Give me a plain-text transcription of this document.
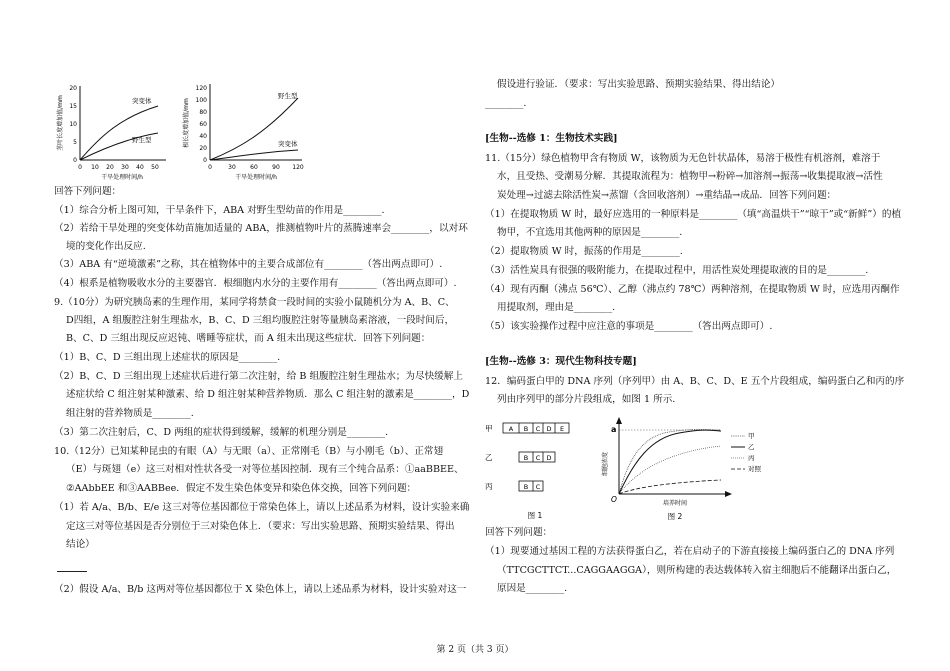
茎叶长度增加值/mm
0
5
10
15
20
0 10 20 30 40 50
干旱处理时间/h
突变体
野生型	根长度增加值/mm
0
20
40
60
80
100
120
0	30 60 90 120
干旱处理时间/h
野生型
突变体
回答下列问题：
（1）综合分析上图可知，干旱条件下，ABA 对野生型幼苗的作用是________.
（2）若给干旱处理的突变体幼苗施加适量的 ABA，推测植物叶片的蒸腾速率会________，以对环
境的变化作出反应.
（3）ABA 有“逆境激素”之称，其在植物体中的主要合成部位有________（答出两点即可）.
（4）根系是植物吸收水分的主要器官．根细胞内水分的主要作用有________（答出两点即可）.
9.（10分）为研究胰岛素的生理作用，某同学将禁食一段时间的实验小鼠随机分为 A、B、C、
D四组，A 组腹腔注射生理盐水，B、C、D 三组均腹腔注射等量胰岛素溶液，一段时间后，
B、C、D 三组出现反应迟钝、嗜睡等症状，而 A 组未出现这些症状．回答下列问题：
（1）B、C、D 三组出现上述症状的原因是________.
（2）B、C、D 三组出现上述症状后进行第二次注射，给 B 组腹腔注射生理盐水；为尽快缓解上
述症状给 C 组注射某种激素、给 D 组注射某种营养物质．那么 C 组注射的激素是________，D
组注射的营养物质是________.
（3）第二次注射后，C、D 两组的症状得到缓解，缓解的机理分别是________.
10.（12分）已知某种昆虫的有眼（A）与无眼（a）、正常刚毛（B）与小刚毛（b）、正常翅
（E）与斑翅（e）这三对相对性状各受一对等位基因控制．现有三个纯合品系：①aaBBEE、
②AAbbEE 和③AABBee．假定不发生染色体变异和染色体交换，回答下列问题：
（1）若 A/a、B/b、E/e 这三对等位基因都位于常染色体上，请以上述品系为材料，设计实验来确
定这三对等位基因是否分别位于三对染色体上．（要求：写出实验思路、预期实验结果、得出
结论）
（2）假设 A/a、B/b 这两对等位基因都位于 X 染色体上，请以上述品系为材料，设计实验对这一
假设进行验证．（要求：写出实验思路、预期实验结果、得出结论）
________.
[生物--选修 1：生物技术实践]
11.（15分）绿色植物甲含有物质 W，该物质为无色针状晶体，易溶于极性有机溶剂，难溶于
水，且受热、受潮易分解．其提取流程为：植物甲→粉碎→加溶剂→振荡→收集提取液→活性
炭处理→过滤去除活性炭→蒸馏（含回收溶剂）→重结晶→成品．回答下列问题：
（1）在提取物质 W 时，最好应选用的一种原料是________（填“高温烘干”“晾干”或“新鲜”）的植
物甲，不宜选用其他两种的原因是________.
（2）提取物质 W 时，振荡的作用是________.
（3）活性炭具有很强的吸附能力，在提取过程中，用活性炭处理提取液的目的是________.
（4）现有丙酮（沸点 56℃）、乙醇（沸点约 78℃）两种溶剂，在提取物质 W 时，应选用丙酮作
用提取剂，理由是________.
（5）该实验操作过程中应注意的事项是________（答出两点即可）.
[生物--选修 3：现代生物科技专题]
12．编码蛋白甲的 DNA 序列（序列甲）由 A、B、C、D、E 五个片段组成，编码蛋白乙和丙的序
列由序列甲的部分片段组成，如图 1 所示.
甲
乙
丙
A B C D E
B C D
B C
图 1
a
O
细胞浓度
培养时间
甲
乙
丙
对照
图 2
回答下列问题：
（1）现要通过基因工程的方法获得蛋白乙，若在启动子的下游直接接上编码蛋白乙的 DNA 序列
（TTCGCTTCT...CAGGAAGGA），则所构建的表达载体转入宿主细胞后不能翻译出蛋白乙，
原因是________.
第 2 页（共 3 页）
